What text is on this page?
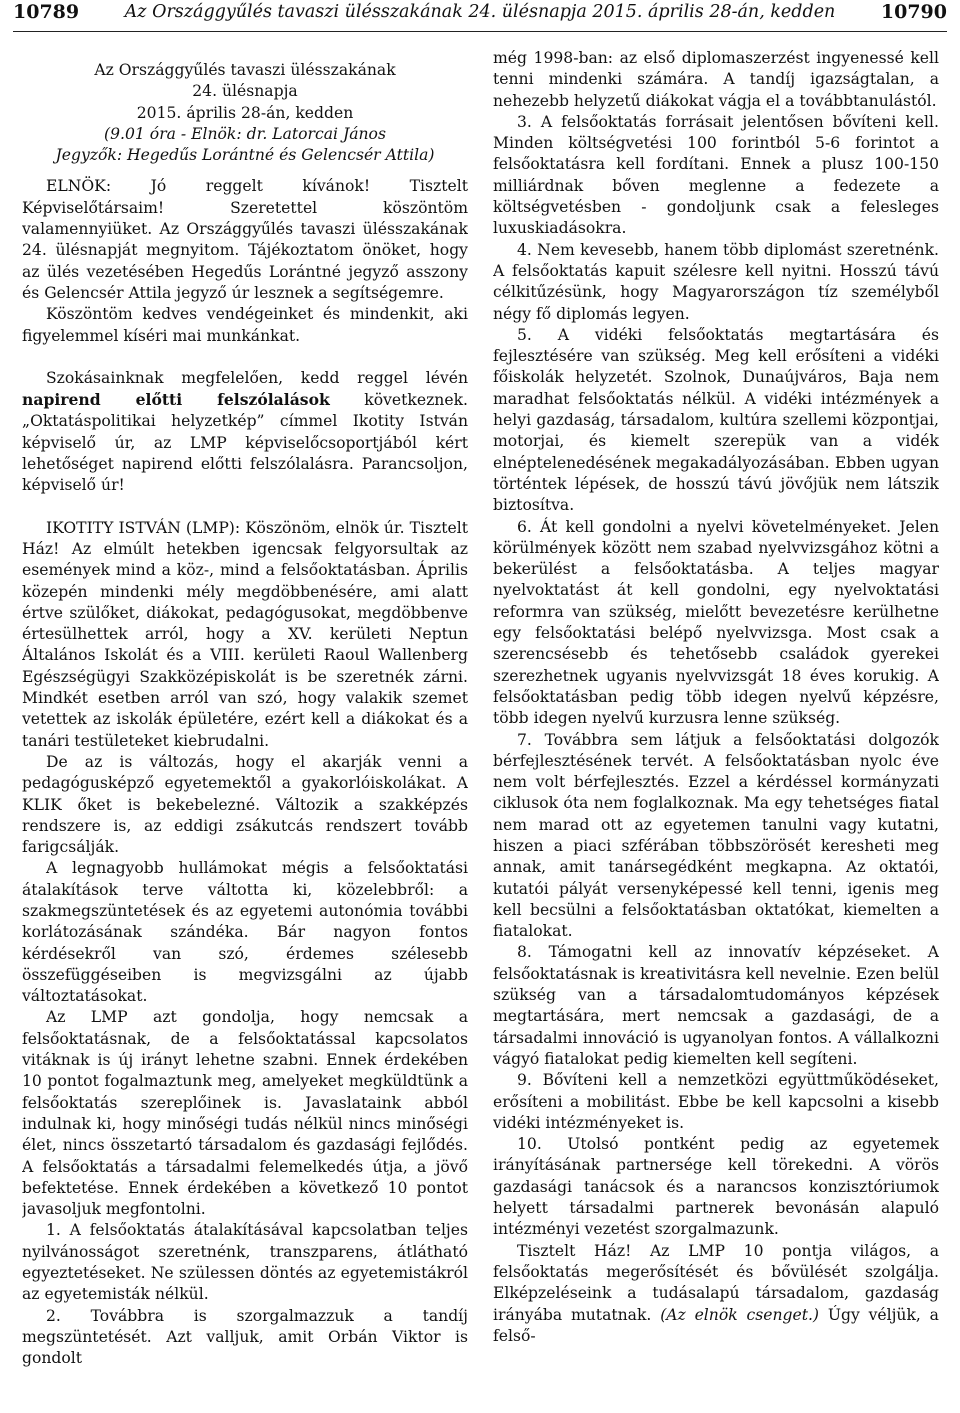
10789	Az Országgyűlés tavaszi ülésszakának 24. ülésnapja 2015. április 28-án, kedden	10790
Az Országgyűlés tavaszi ülésszakának
24. ülésnapja
2015. április 28-án, kedden
(9.01 óra - Elnök: dr. Latorcai János
Jegyzők: Hegedűs Lorántné és Gelencsér Attila)

ELNÖK: Jó reggelt kívánok! Tisztelt Képviselőtársaim! Szeretettel köszöntöm valamennyiüket. Az Országgyűlés tavaszi ülésszakának 24. ülésnapját megnyitom. Tájékoztatom önöket, hogy az ülés vezetésében Hegedűs Lorántné jegyző asszony és Gelencsér Attila jegyző úr lesznek a segítségemre.

Köszöntöm kedves vendégeinket és mindenkit, aki figyelemmel kíséri mai munkánkat.

Szokásainknak megfelelően, kedd reggel lévén napirend előtti felszólalások következnek. „Oktatáspolitikai helyzetkép” címmel Ikotity István képviselő úr, az LMP képviselőcsoportjából kért lehetőséget napirend előtti felszólalásra. Parancsoljon, képviselő úr!

IKOTITY ISTVÁN (LMP): Köszönöm, elnök úr. Tisztelt Ház! Az elmúlt hetekben igencsak felgyorsultak az események mind a köz-, mind a felsőoktatásban. Április közepén mindenki mély megdöbbenésére, ami alatt értve szülőket, diákokat, pedagógusokat, megdöbbenve értesülhettek arról, hogy a XV. kerületi Neptun Általános Iskolát és a VIII. kerületi Raoul Wallenberg Egészségügyi Szakközépiskolát is be szeretnék zárni. Mindkét esetben arról van szó, hogy valakik szemet vetettek az iskolák épületére, ezért kell a diákokat és a tanári testületeket kiebrudalni.

De az is változás, hogy el akarják venni a pedagógusképző egyetemektől a gyakorlóiskolákat. A KLIK őket is bekebelezné. Változik a szakképzés rendszere is, az eddigi zsákutcás rendszert tovább farigcsálják.

A legnagyobb hullámokat mégis a felsőoktatási átalakítások terve váltotta ki, közelebbről: a szakmegszüntetések és az egyetemi autonómia további korlátozásának szándéka. Bár nagyon fontos kérdésekről van szó, érdemes szélesebb összefüggéseiben is megvizsgálni az újabb változtatásokat.

Az LMP azt gondolja, hogy nemcsak a felsőoktatásnak, de a felsőoktatással kapcsolatos vitáknak is új irányt lehetne szabni. Ennek érdekében 10 pontot fogalmaztunk meg, amelyeket megküldtünk a felsőoktatás szereplőinek is. Javaslataink abból indulnak ki, hogy minőségi tudás nélkül nincs minőségi élet, nincs összetartó társadalom és gazdasági fejlődés. A felsőoktatás a társadalmi felemelkedés útja, a jövő befektetése. Ennek érdekében a következő 10 pontot javasoljuk megfontolni.

1. A felsőoktatás átalakításával kapcsolatban teljes nyilvánosságot szeretnénk, transzparens, átlátható egyeztetéseket. Ne szülessen döntés az egyetemistákról az egyetemisták nélkül.

2. Továbbra is szorgalmazzuk a tandíj megszüntetését. Azt valljuk, amit Orbán Viktor is gondolt

még 1998-ban: az első diplomaszerzést ingyenessé kell tenni mindenki számára. A tandíj igazságtalan, a nehezebb helyzetű diákokat vágja el a továbbtanulástól.

3. A felsőoktatás forrásait jelentősen bővíteni kell. Minden költségvetési 100 forintból 5-6 forintot a felsőoktatásra kell fordítani. Ennek a plusz 100-150 milliárdnak bőven meglenne a fedezete a költségvetésben - gondoljunk csak a felesleges luxuskiadásokra.

4. Nem kevesebb, hanem több diplomást szeretnénk. A felsőoktatás kapuit szélesre kell nyitni. Hosszú távú célkitűzésünk, hogy Magyarországon tíz személyből négy fő diplomás legyen.

5. A vidéki felsőoktatás megtartására és fejlesztésére van szükség. Meg kell erősíteni a vidéki főiskolák helyzetét. Szolnok, Dunaújváros, Baja nem maradhat felsőoktatás nélkül. A vidéki intézmények a helyi gazdaság, társadalom, kultúra szellemi központjai, motorjai, és kiemelt szerepük van a vidék elnéptelenedésének megakadályozásában. Ebben ugyan történtek lépések, de hosszú távú jövőjük nem látszik biztosítva.

6. Át kell gondolni a nyelvi követelményeket. Jelen körülmények között nem szabad nyelvvizsgához kötni a bekerülést a felsőoktatásba. A teljes magyar nyelvoktatást át kell gondolni, egy nyelvoktatási reformra van szükség, mielőtt bevezetésre kerülhetne egy felsőoktatási belépő nyelvvizsga. Most csak a szerencsésebb és tehetősebb családok gyerekei szerezhetnek ugyanis nyelvvizsgát 18 éves korukig. A felsőoktatásban pedig több idegen nyelvű képzésre, több idegen nyelvű kurzusra lenne szükség.

7. Továbbra sem látjuk a felsőoktatási dolgozók bérfejlesztésének tervét. A felsőoktatásban nyolc éve nem volt bérfejlesztés. Ezzel a kérdéssel kormányzati ciklusok óta nem foglalkoznak. Ma egy tehetséges fiatal nem marad ott az egyetemen tanulni vagy kutatni, hiszen a piaci szférában többszörösét keresheti meg annak, amit tanársegédként megkapna. Az oktatói, kutatói pályát versenyképessé kell tenni, igenis meg kell becsülni a felsőoktatásban oktatókat, kiemelten a fiatalokat.

8. Támogatni kell az innovatív képzéseket. A felsőoktatásnak is kreativitásra kell nevelnie. Ezen belül szükség van a társadalomtudományos képzések megtartására, mert nemcsak a gazdasági, de a társadalmi innováció is ugyanolyan fontos. A vállalkozni vágyó fiatalokat pedig kiemelten kell segíteni.

9. Bővíteni kell a nemzetközi együttműködéseket, erősíteni a mobilitást. Ebbe be kell kapcsolni a kisebb vidéki intézményeket is.

10. Utolsó pontként pedig az egyetemek irányításának partnersége kell törekedni. A vörös gazdasági tanácsok és a narancsos konzisztóriumok helyett társadalmi partnerek bevonásán alapuló intézményi vezetést szorgalmazunk.

Tisztelt Ház! Az LMP 10 pontja világos, a felsőoktatás megerősítését és bővülését szolgálja. Elképzeléseink a tudásalapú társadalom, gazdaság irányába mutatnak. (Az elnök csenget.) Úgy véljük, a felső-
